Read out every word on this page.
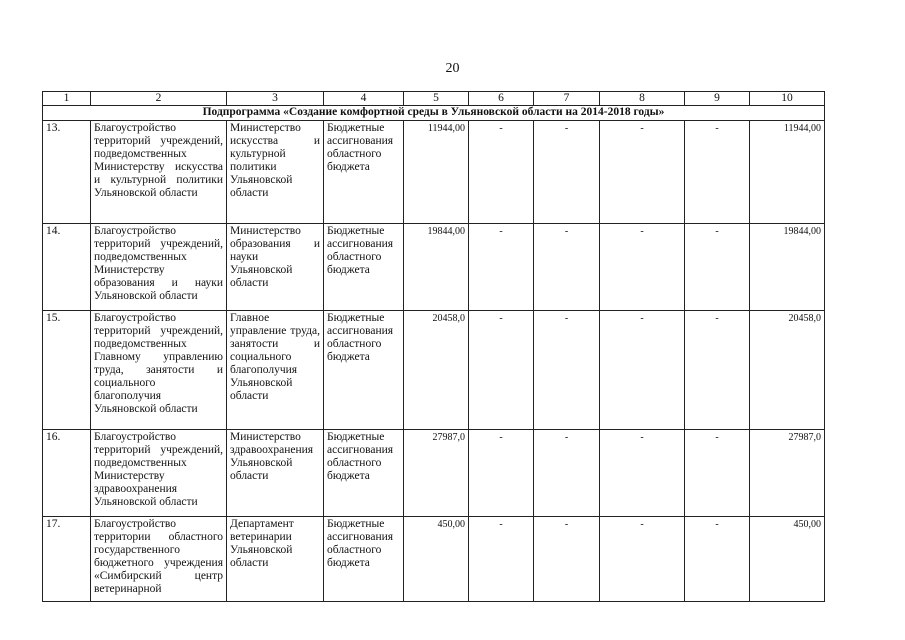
20
1	2	3	4	5	6	7	8	9	10
Подпрограмма «Создание комфортной среды в Ульяновской области на 2014-2018 годы»									
13.	Благоустройство территорий учреждений, подведомственных Министерству искусства и культурной политики Ульяновской области	Министерство искусства и культурной политики Ульяновской области	Бюджетные ассигнования областного бюджета	11944,00	-	-	-	-	11944,00
14.	Благоустройство территорий учреждений, подведомственных Министерству образования и науки Ульяновской области	Министерство образования и науки Ульяновской области	Бюджетные ассигнования областного бюджета	19844,00	-	-	-	-	19844,00
15.	Благоустройство территорий учреждений, подведомственных Главному управлению труда, занятости и социального благополучия Ульяновской области	Главное управление труда, занятости и социального благополучия Ульяновской области	Бюджетные ассигнования областного бюджета	20458,0	-	-	-	-	20458,0
16.	Благоустройство территорий учреждений, подведомственных Министерству здравоохранения Ульяновской области	Министерство здравоохранения Ульяновской области	Бюджетные ассигнования областного бюджета	27987,0	-	-	-	-	27987,0
17.	Благоустройство территории областного государственного бюджетного учреждения «Симбирский центр ветеринарной	Департамент ветеринарии Ульяновской области	Бюджетные ассигнования областного бюджета	450,00	-	-	-	-	450,00
